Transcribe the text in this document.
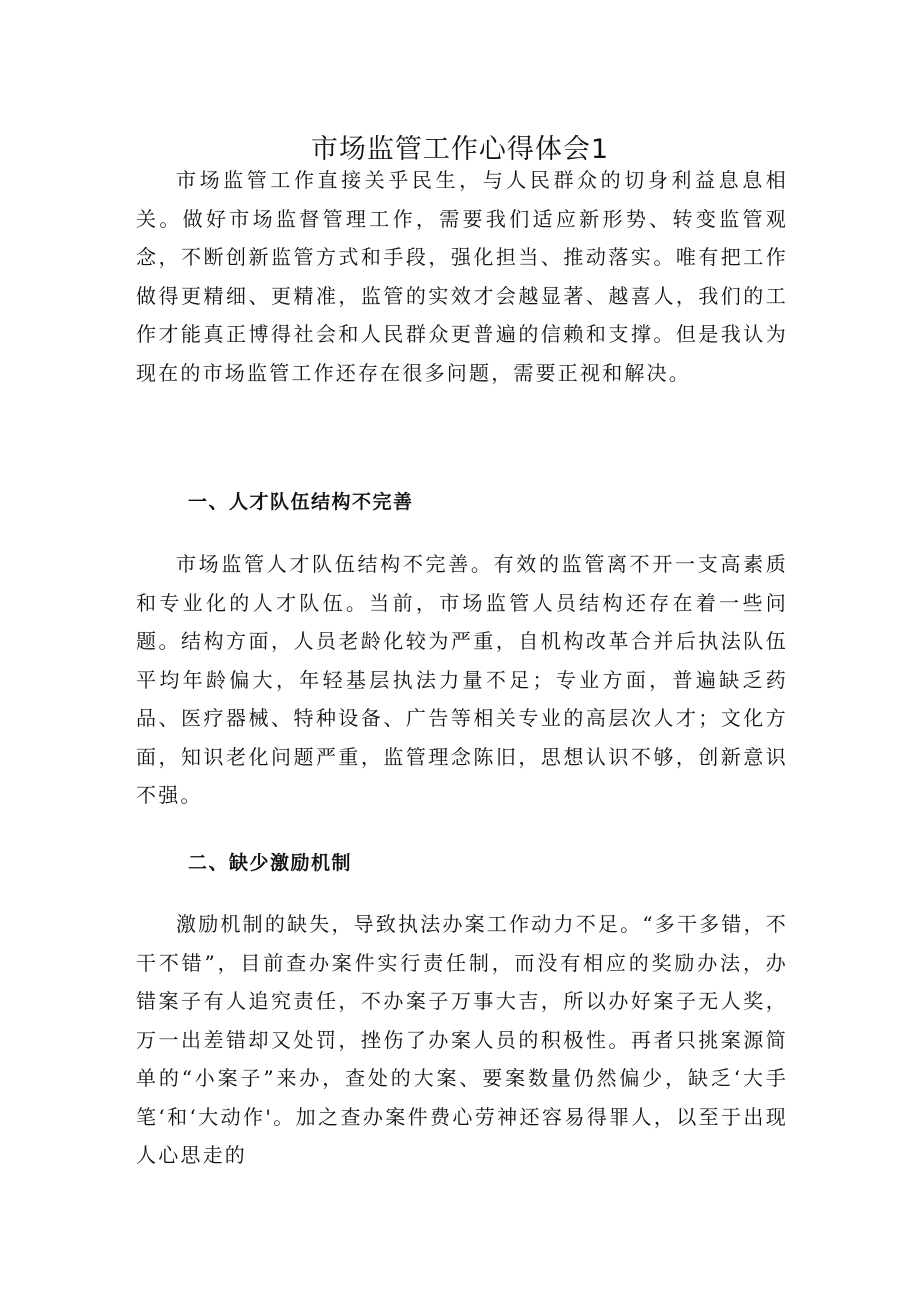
市场监管工作心得体会1

市场监管工作直接关乎民生，与人民群众的切身利益息息相关。做好市场监督管理工作，需要我们适应新形势、转变监管观念，不断创新监管方式和手段，强化担当、推动落实。唯有把工作做得更精细、更精准，监管的实效才会越显著、越喜人，我们的工作才能真正博得社会和人民群众更普遍的信赖和支撑。但是我认为现在的市场监管工作还存在很多问题，需要正视和解决。

一、人才队伍结构不完善

市场监管人才队伍结构不完善。有效的监管离不开一支高素质和专业化的人才队伍。当前，市场监管人员结构还存在着一些问题。结构方面，人员老龄化较为严重，自机构改革合并后执法队伍平均年龄偏大，年轻基层执法力量不足；专业方面，普遍缺乏药品、医疗器械、特种设备、广告等相关专业的高层次人才；文化方面，知识老化问题严重，监管理念陈旧，思想认识不够，创新意识不强。

二、缺少激励机制

激励机制的缺失，导致执法办案工作动力不足。“多干多错，不干不错”，目前查办案件实行责任制，而没有相应的奖励办法，办错案子有人追究责任，不办案子万事大吉，所以办好案子无人奖，万一出差错却又处罚，挫伤了办案人员的积极性。再者只挑案源简单的“小案子”来办，查处的大案、要案数量仍然偏少，缺乏‘大手笔‘和‘大动作'。加之查办案件费心劳神还容易得罪人，以至于出现人心思走的
